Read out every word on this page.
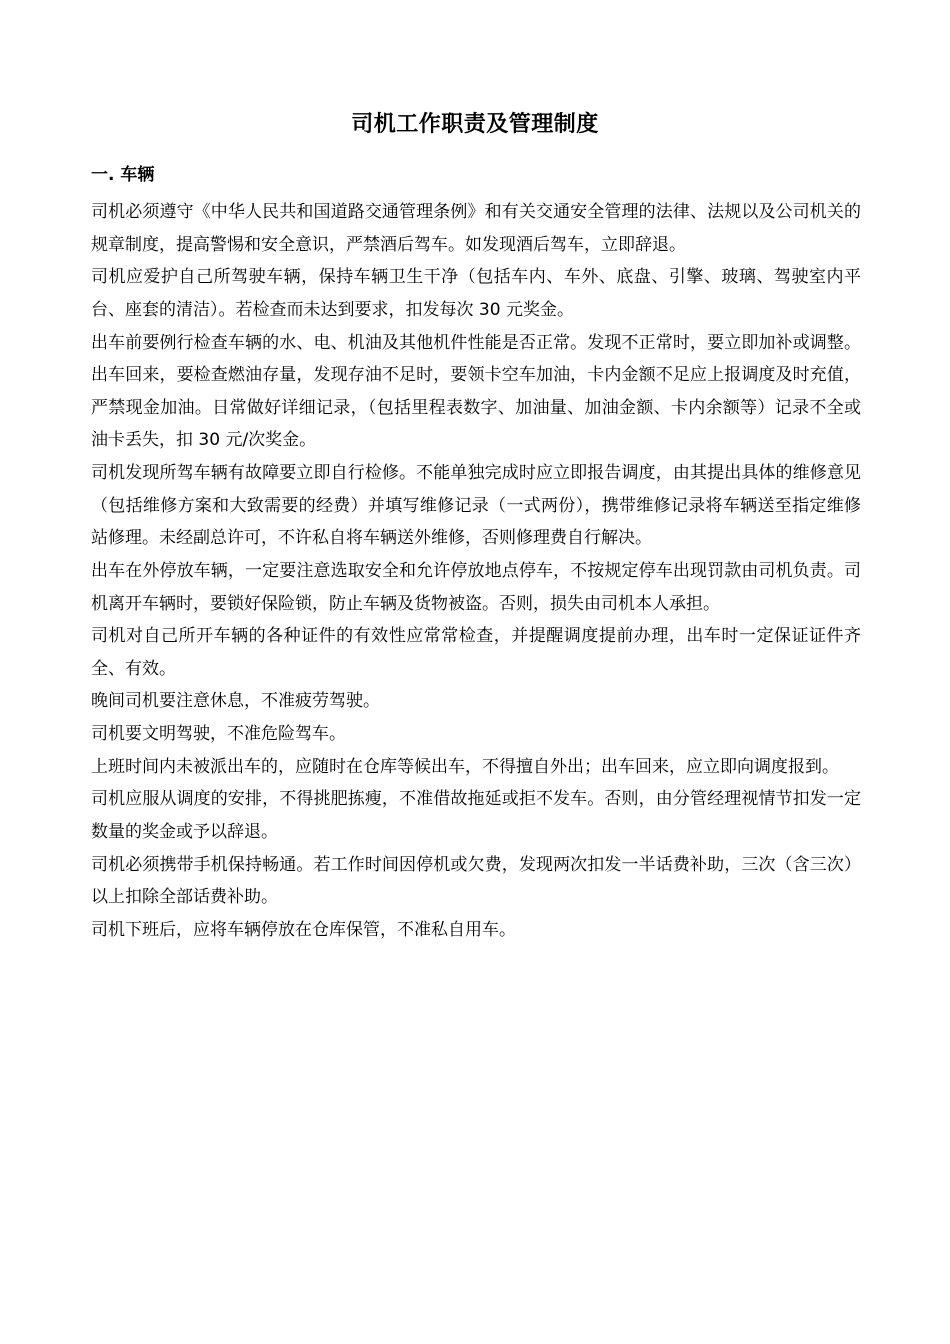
司机工作职责及管理制度
一. 车辆

司机必须遵守《中华人民共和国道路交通管理条例》和有关交通安全管理的法律、法规以及公司机关的规章制度，提高警惕和安全意识，严禁酒后驾车。如发现酒后驾车，立即辞退。

司机应爱护自己所驾驶车辆，保持车辆卫生干净（包括车内、车外、底盘、引擎、玻璃、驾驶室内平台、座套的清洁）。若检查而未达到要求，扣发每次 30 元奖金。

出车前要例行检查车辆的水、电、机油及其他机件性能是否正常。发现不正常时，要立即加补或调整。出车回来，要检查燃油存量，发现存油不足时，要领卡空车加油，卡内金额不足应上报调度及时充值，严禁现金加油。日常做好详细记录，（包括里程表数字、加油量、加油金额、卡内余额等）记录不全或油卡丢失，扣 30 元/次奖金。

司机发现所驾车辆有故障要立即自行检修。不能单独完成时应立即报告调度，由其提出具体的维修意见（包括维修方案和大致需要的经费）并填写维修记录（一式两份），携带维修记录将车辆送至指定维修站修理。未经副总许可，不许私自将车辆送外维修，否则修理费自行解决。

出车在外停放车辆，一定要注意选取安全和允许停放地点停车，不按规定停车出现罚款由司机负责。司机离开车辆时，要锁好保险锁，防止车辆及货物被盗。否则，损失由司机本人承担。

司机对自己所开车辆的各种证件的有效性应常常检查，并提醒调度提前办理，出车时一定保证证件齐全、有效。

晚间司机要注意休息，不准疲劳驾驶。

司机要文明驾驶，不准危险驾车。

上班时间内未被派出车的，应随时在仓库等候出车，不得擅自外出；出车回来，应立即向调度报到。

司机应服从调度的安排，不得挑肥拣瘦，不准借故拖延或拒不发车。否则，由分管经理视情节扣发一定数量的奖金或予以辞退。

司机必须携带手机保持畅通。若工作时间因停机或欠费，发现两次扣发一半话费补助，三次（含三次）以上扣除全部话费补助。

司机下班后，应将车辆停放在仓库保管，不准私自用车。
